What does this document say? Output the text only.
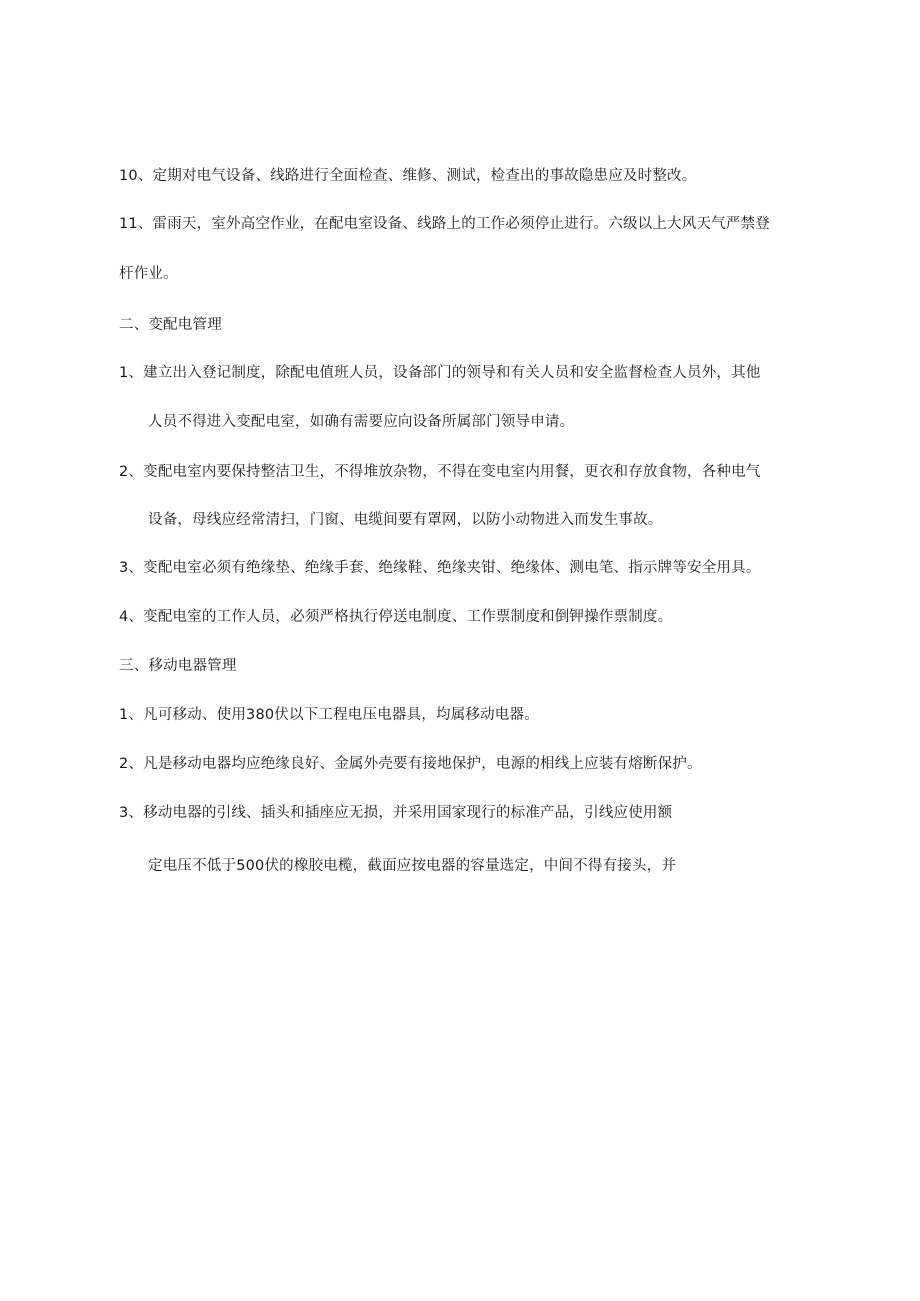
10、定期对电气设备、线路进行全面检查、维修、测试，检查出的事故隐患应及时整改。
11、雷雨天，室外高空作业，在配电室设备、线路上的工作必须停止进行。六级以上大风天气严禁登
杆作业。
二、变配电管理
1、建立出入登记制度，除配电值班人员，设备部门的领导和有关人员和安全监督检查人员外，其他
人员不得进入变配电室，如确有需要应向设备所属部门领导申请。
2、变配电室内要保持整洁卫生，不得堆放杂物，不得在变电室内用餐，更衣和存放食物，各种电气
设备，母线应经常清扫，门窗、电缆间要有罩网，以防小动物进入而发生事故。
3、变配电室必须有绝缘垫、绝缘手套、绝缘鞋、绝缘夹钳、绝缘体、测电笔、指示牌等安全用具。
4、变配电室的工作人员，必须严格执行停送电制度、工作票制度和倒钾操作票制度。
三、移动电器管理
1、凡可移动、使用380伏以下工程电压电器具，均属移动电器。
2、凡是移动电器均应绝缘良好、金属外壳要有接地保护，电源的相线上应装有熔断保护。
3、移动电器的引线、插头和插座应无损，并采用国家现行的标准产品，引线应使用额
定电压不低于500伏的橡胶电榄，截面应按电器的容量选定，中间不得有接头，并
